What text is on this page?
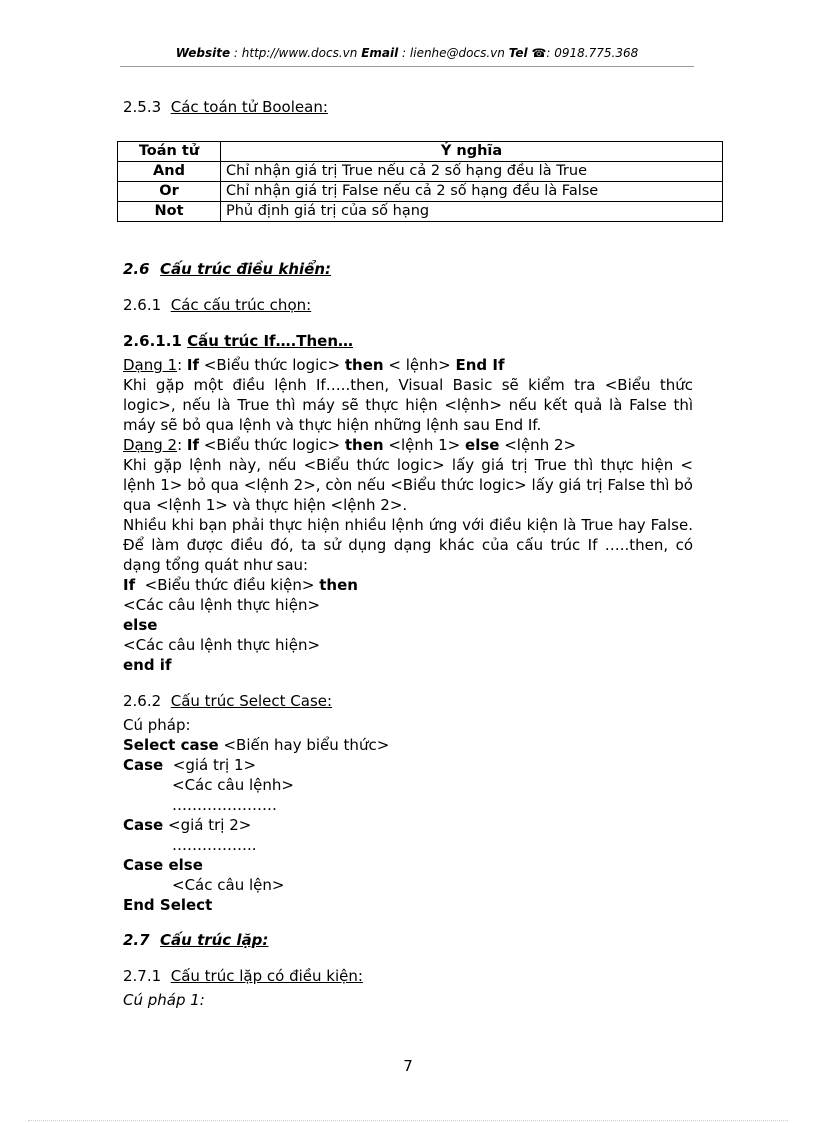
Website : http://www.docs.vn Email : lienhe@docs.vn Tel ☎: 0918.775.368
2.5.3 Các toán tử Boolean:
Toán tử	Ý nghĩa
And	Chỉ nhận giá trị True nếu cả 2 số hạng đều là True
Or	Chỉ nhận giá trị False nếu cả 2 số hạng đều là False
Not	Phủ định giá trị của số hạng
2.6 Cấu trúc điều khiển:
2.6.1 Các cấu trúc chọn:
2.6.1.1 Cấu trúc If….Then…
Dạng 1: If <Biểu thức logic> then < lệnh> End If
Khi gặp một điều lệnh If…..then, Visual Basic sẽ kiểm tra <Biểu thức logic>, nếu là True thì máy sẽ thực hiện <lệnh> nếu kết quả là False thì máy sẽ bỏ qua lệnh và thực hiện những lệnh sau End If.
Dạng 2: If <Biểu thức logic> then <lệnh 1> else <lệnh 2>
Khi gặp lệnh này, nếu <Biểu thức logic> lấy giá trị True thì thực hiện < lệnh 1> bỏ qua <lệnh 2>, còn nếu <Biểu thức logic> lấy giá trị False thì bỏ qua <lệnh 1> và thực hiện <lệnh 2>.
Nhiều khi bạn phải thực hiện nhiều lệnh ứng với điều kiện là True hay False. Để làm được điều đó, ta sử dụng dạng khác của cấu trúc If …..then, có dạng tổng quát như sau:
If <Biểu thức điều kiện> then
<Các câu lệnh thực hiện>
else
<Các câu lệnh thực hiện>
end if
2.6.2 Cấu trúc Select Case:
Cú pháp:
Select case <Biến hay biểu thức>
Case <giá trị 1>
<Các câu lệnh>
…………………
Case <giá trị 2>
……………..
Case else
<Các câu lện>
End Select
2.7 Cấu trúc lặp:
2.7.1 Cấu trúc lặp có điều kiện:
Cú pháp 1:
7
